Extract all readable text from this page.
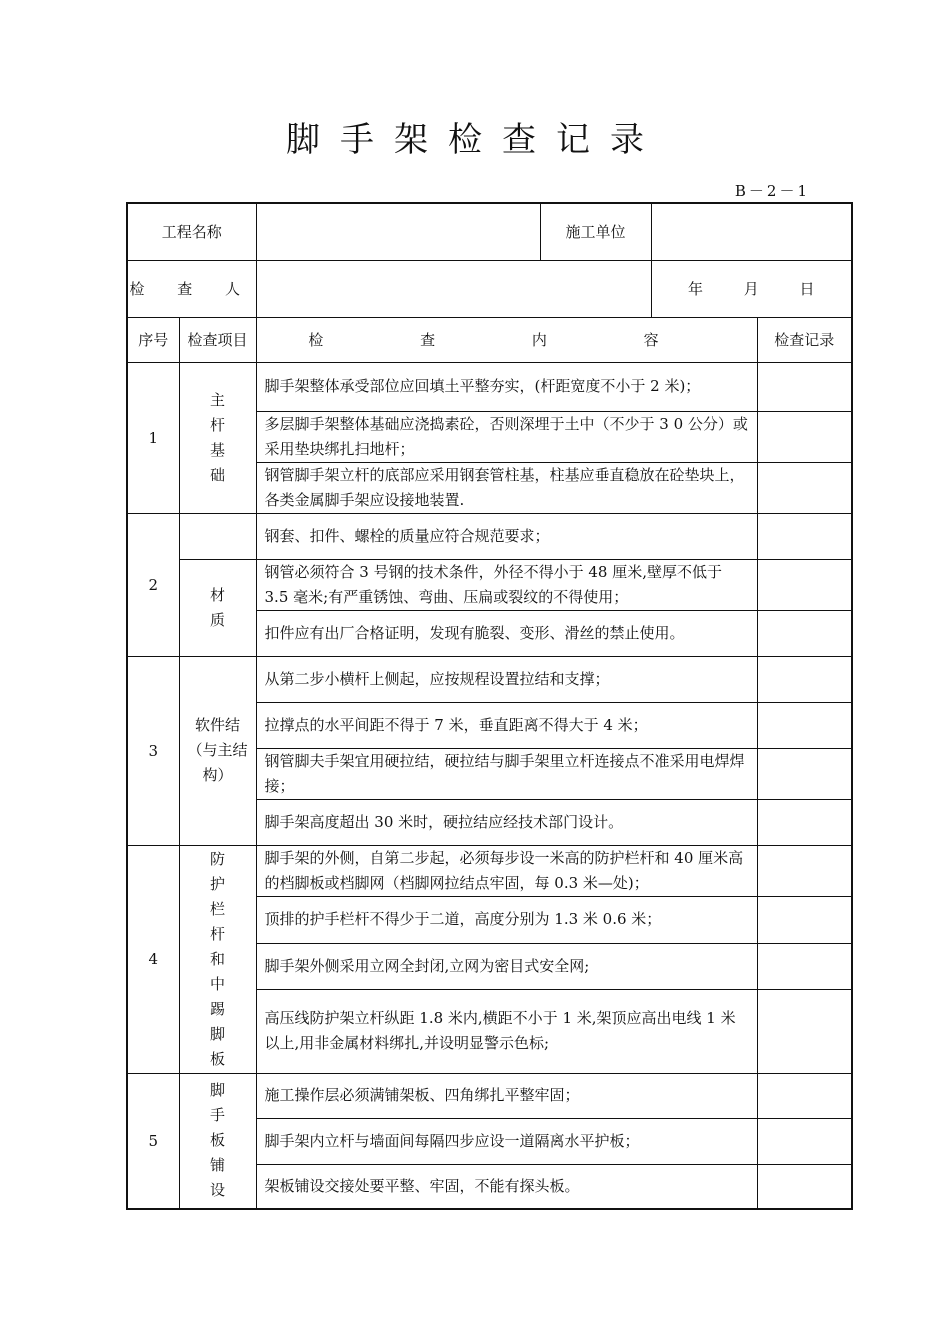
脚手架检查记录
B－2－1
工程名称			施工单位		
检 查 人				年 月 日	
序号	检查项目	检 查 内 容			检查记录
1	主杆基础	脚手架整体承受部位应回填土平整夯实，(杆距宽度不小于 2 米)；			
		多层脚手架整体基础应浇捣素砼，否则深埋于土中（不少于 3 0 公分）或采用垫块绑扎扫地杆；			
		钢管脚手架立杆的底部应采用钢套管柱基，柱基应垂直稳放在砼垫块上，各类金属脚手架应设接地装置.			
2		钢套、扣件、螺栓的质量应符合规范要求；			
	材质	钢管必须符合 3 号钢的技术条件，外径不得小于 48 厘米,壁厚不低于 3.5 毫米;有严重锈蚀、弯曲、压扁或裂纹的不得使用；			
		扣件应有出厂合格证明，发现有脆裂、变形、滑丝的禁止使用。			
3	软件结（与主结构）	从第二步小横杆上侧起，应按规程设置拉结和支撑；			
		拉撑点的水平间距不得于 7 米，垂直距离不得大于 4 米；			
		钢管脚夫手架宜用硬拉结，硬拉结与脚手架里立杆连接点不准采用电焊焊接；			
		脚手架高度超出 30 米时，硬拉结应经技术部门设计。			
4	防护栏杆和中踢脚板	脚手架的外侧，自第二步起，必须每步设一米高的防护栏杆和 40 厘米高的档脚板或档脚网（档脚网拉结点牢固，每 0.3 米—处)；			
		顶排的护手栏杆不得少于二道，高度分别为 1.3 米 0.6 米；			
		脚手架外侧采用立网全封闭,立网为密目式安全网;			
		高压线防护架立杆纵距 1.8 米内,横距不小于 1 米,架顶应高出电线 1 米以上,用非金属材料绑扎,并设明显警示色标;			
5	脚手板铺设	施工操作层必须满铺架板、四角绑扎平整牢固；			
		脚手架内立杆与墙面间每隔四步应设一道隔离水平护板；			
		架板铺设交接处要平整、牢固，不能有探头板。			
